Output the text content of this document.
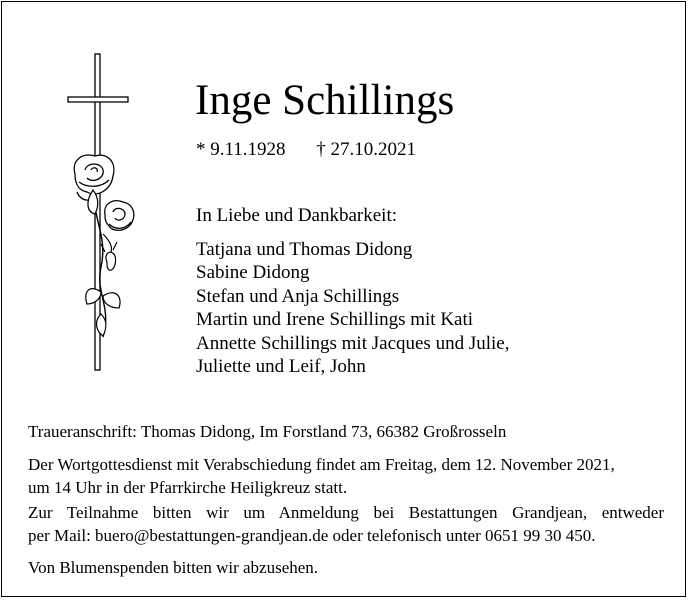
Inge Schillings
* 9.11.1928 † 27.10.2021
In Liebe und Dankbarkeit:
Tatjana und Thomas Didong
Sabine Didong
Stefan und Anja Schillings
Martin und Irene Schillings mit Kati
Annette Schillings mit Jacques und Julie,
Juliette und Leif, John

Traueranschrift: Thomas Didong, Im Forstland 73, 66382 Großrosseln

Der Wortgottesdienst mit Verabschiedung findet am Freitag, dem 12. November 2021,
um 14 Uhr in der Pfarrkirche Heiligkreuz statt.

Zur Teilnahme bitten wir um Anmeldung bei Bestattungen Grandjean, entweder
per Mail: buero@bestattungen-grandjean.de oder telefonisch unter 0651 99 30 450.

Von Blumenspenden bitten wir abzusehen.
